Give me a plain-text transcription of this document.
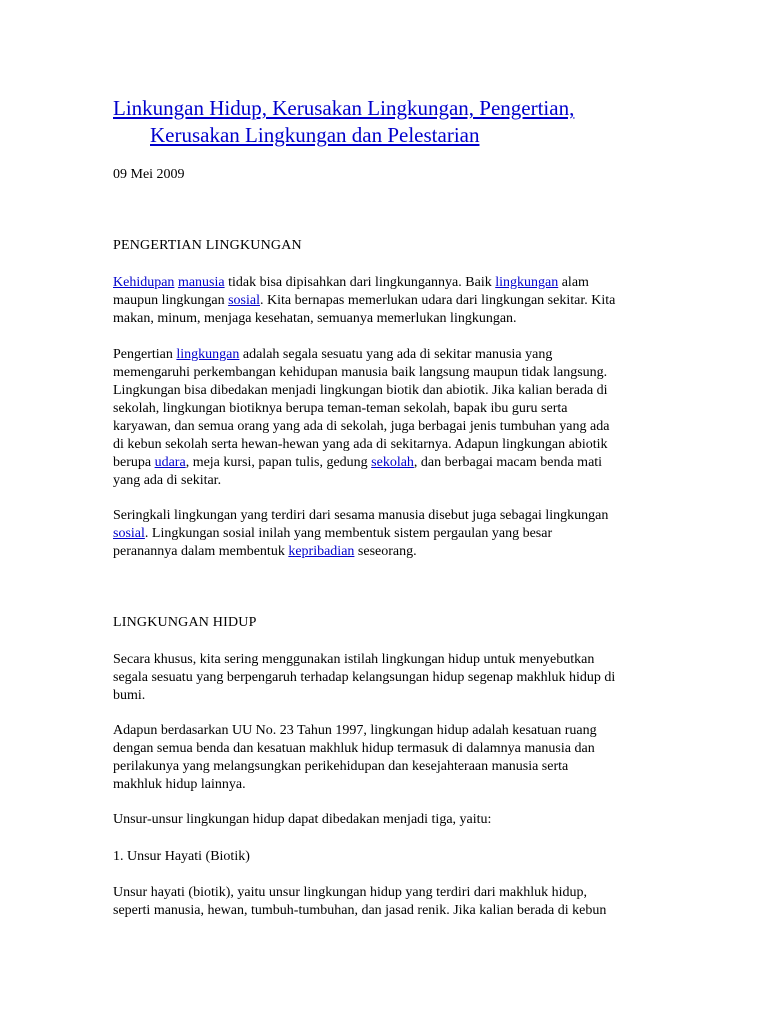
Linkungan Hidup, Kerusakan Lingkungan, Pengertian,
Kerusakan Lingkungan dan Pelestarian

09 Mei 2009

PENGERTIAN LINGKUNGAN

Kehidupan manusia tidak bisa dipisahkan dari lingkungannya. Baik lingkungan alam
maupun lingkungan sosial. Kita bernapas memerlukan udara dari lingkungan sekitar. Kita
makan, minum, menjaga kesehatan, semuanya memerlukan lingkungan.

Pengertian lingkungan adalah segala sesuatu yang ada di sekitar manusia yang
memengaruhi perkembangan kehidupan manusia baik langsung maupun tidak langsung.
Lingkungan bisa dibedakan menjadi lingkungan biotik dan abiotik. Jika kalian berada di
sekolah, lingkungan biotiknya berupa teman-teman sekolah, bapak ibu guru serta
karyawan, dan semua orang yang ada di sekolah, juga berbagai jenis tumbuhan yang ada
di kebun sekolah serta hewan-hewan yang ada di sekitarnya. Adapun lingkungan abiotik
berupa udara, meja kursi, papan tulis, gedung sekolah, dan berbagai macam benda mati
yang ada di sekitar.

Seringkali lingkungan yang terdiri dari sesama manusia disebut juga sebagai lingkungan
sosial. Lingkungan sosial inilah yang membentuk sistem pergaulan yang besar
peranannya dalam membentuk kepribadian seseorang.

LINGKUNGAN HIDUP

Secara khusus, kita sering menggunakan istilah lingkungan hidup untuk menyebutkan
segala sesuatu yang berpengaruh terhadap kelangsungan hidup segenap makhluk hidup di
bumi.

Adapun berdasarkan UU No. 23 Tahun 1997, lingkungan hidup adalah kesatuan ruang
dengan semua benda dan kesatuan makhluk hidup termasuk di dalamnya manusia dan
perilakunya yang melangsungkan perikehidupan dan kesejahteraan manusia serta
makhluk hidup lainnya.

Unsur-unsur lingkungan hidup dapat dibedakan menjadi tiga, yaitu:

1. Unsur Hayati (Biotik)

Unsur hayati (biotik), yaitu unsur lingkungan hidup yang terdiri dari makhluk hidup,
seperti manusia, hewan, tumbuh-tumbuhan, dan jasad renik. Jika kalian berada di kebun
